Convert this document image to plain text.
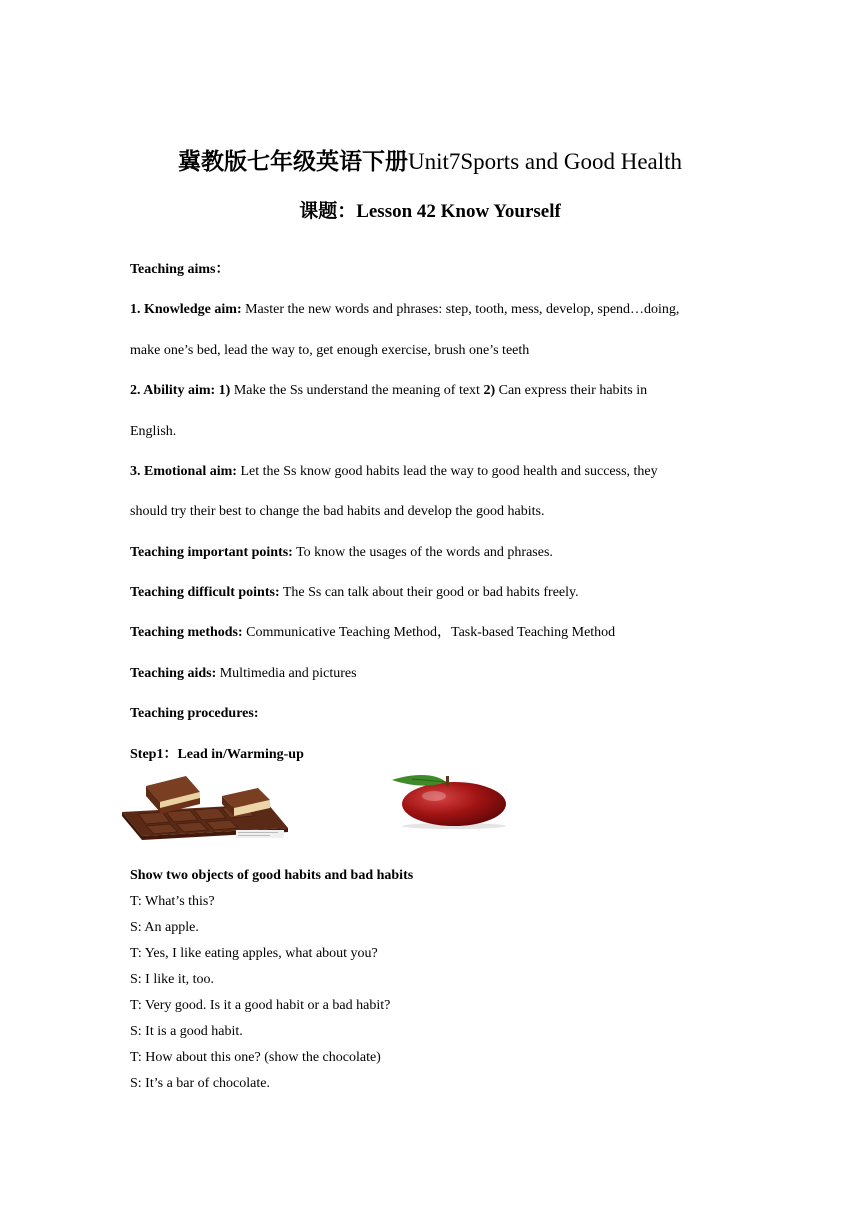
冀教版七年级英语下册Unit7Sports and Good Health
课题：Lesson 42 Know Yourself
Teaching aims：
1. Knowledge aim: Master the new words and phrases: step, tooth, mess, develop, spend…doing,
make one’s bed, lead the way to, get enough exercise, brush one’s teeth
2. Ability aim: 1) Make the Ss understand the meaning of text 2) Can express their habits in
English.
3. Emotional aim: Let the Ss know good habits lead the way to good health and success, they
should try their best to change the bad habits and develop the good habits.
Teaching important points: To know the usages of the words and phrases.
Teaching difficult points: The Ss can talk about their good or bad habits freely.
Teaching methods: Communicative Teaching Method，Task-based Teaching Method
Teaching aids: Multimedia and pictures
Teaching procedures:
Step1：Lead in/Warming-up
Show two objects of good habits and bad habits
T: What’s this?
S: An apple.
T: Yes, I like eating apples, what about you?
S: I like it, too.
T: Very good. Is it a good habit or a bad habit?
S: It is a good habit.
T: How about this one? (show the chocolate)
S: It’s a bar of chocolate.
